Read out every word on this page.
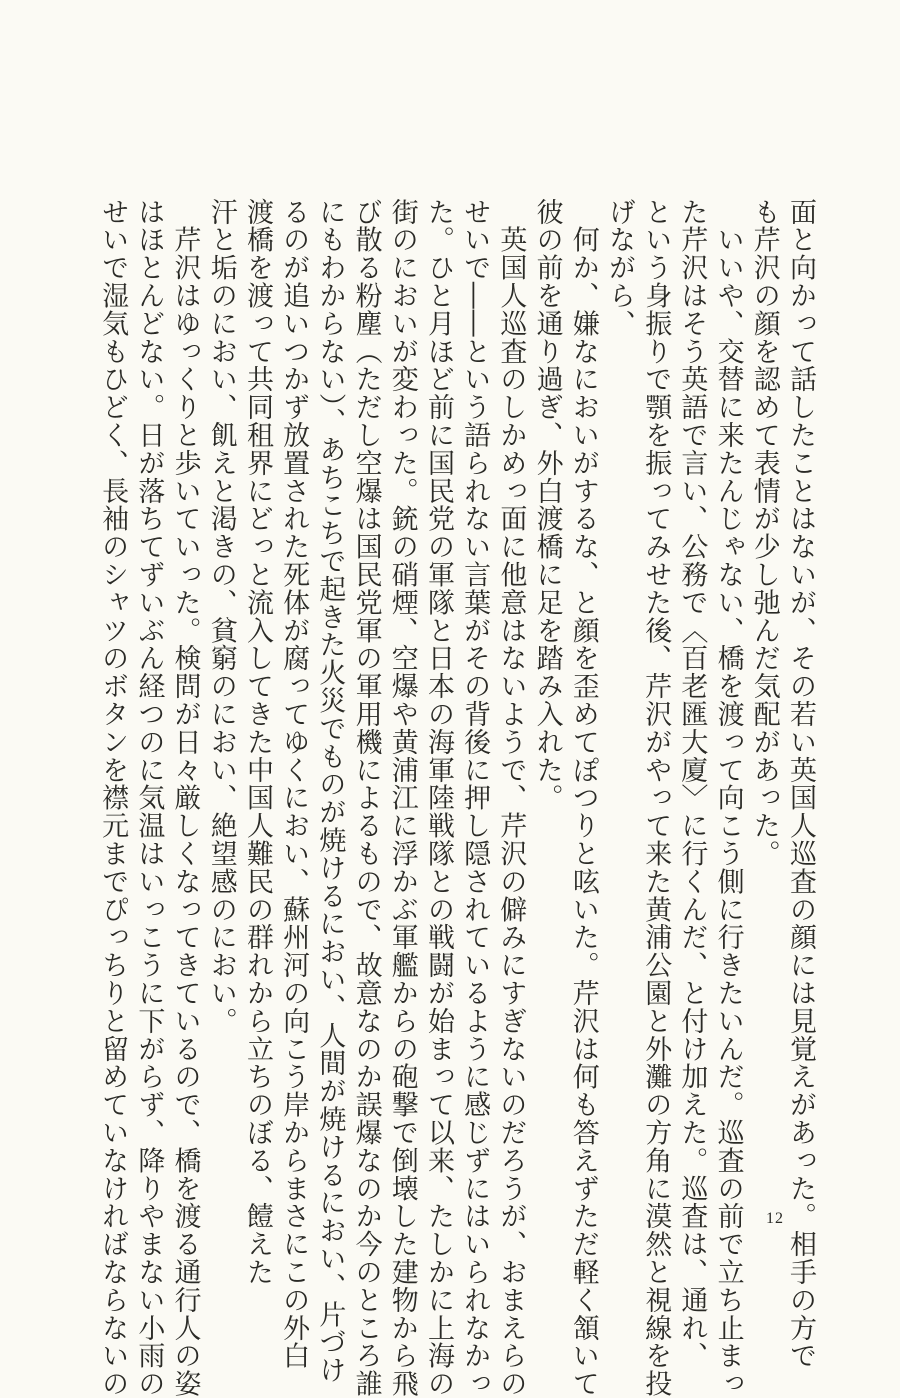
面と向かって話したことはないが、その若い英国人巡査の顔には見覚えがあった。相手の方で
も芹沢の顔を認めて表情が少し弛んだ気配があった。
　いいや、交替に来たんじゃない、橋を渡って向こう側に行きたいんだ。巡査の前で立ち止まっ
た芹沢はそう英語で言い、公務で〈百老匯大廈〉に行くんだ、と付け加えた。巡査は、通れ、
という身振りで顎を振ってみせた後、芹沢がやって来た黄浦公園と外灘の方角に漠然と視線を投
げながら、
　何か、嫌なにおいがするな、と顔を歪めてぽつりと呟いた。芹沢は何も答えずただ軽く頷いて
彼の前を通り過ぎ、外白渡橋に足を踏み入れた。
　英国人巡査のしかめっ面に他意はないようで、芹沢の僻みにすぎないのだろうが、おまえらの
せいで――という語られない言葉がその背後に押し隠されているように感じずにはいられなかっ
た。ひと月ほど前に国民党の軍隊と日本の海軍陸戦隊との戦闘が始まって以来、たしかに上海の
街のにおいが変わった。銃の硝煙、空爆や黄浦江に浮かぶ軍艦からの砲撃で倒壊した建物から飛
び散る粉塵（ただし空爆は国民党軍の軍用機によるもので、故意なのか誤爆なのか今のところ誰
にもわからない）、あちこちで起きた火災でものが焼けるにおい、人間が焼けるにおい、片づけ
るのが追いつかず放置された死体が腐ってゆくにおい、蘇州河の向こう岸からまさにこの外白
渡橋を渡って共同租界にどっと流入してきた中国人難民の群れから立ちのぼる、饐えた
汗と垢のにおい、飢えと渇きの、貧窮のにおい、絶望感のにおい。
　芹沢はゆっくりと歩いていった。検問が日々厳しくなってきているので、橋を渡る通行人の姿
はほとんどない。日が落ちてずいぶん経つのに気温はいっこうに下がらず、降りやまない小雨の
せいで湿気もひどく、長袖のシャツのボタンを襟元までぴっちりと留めていなければならないの	12
